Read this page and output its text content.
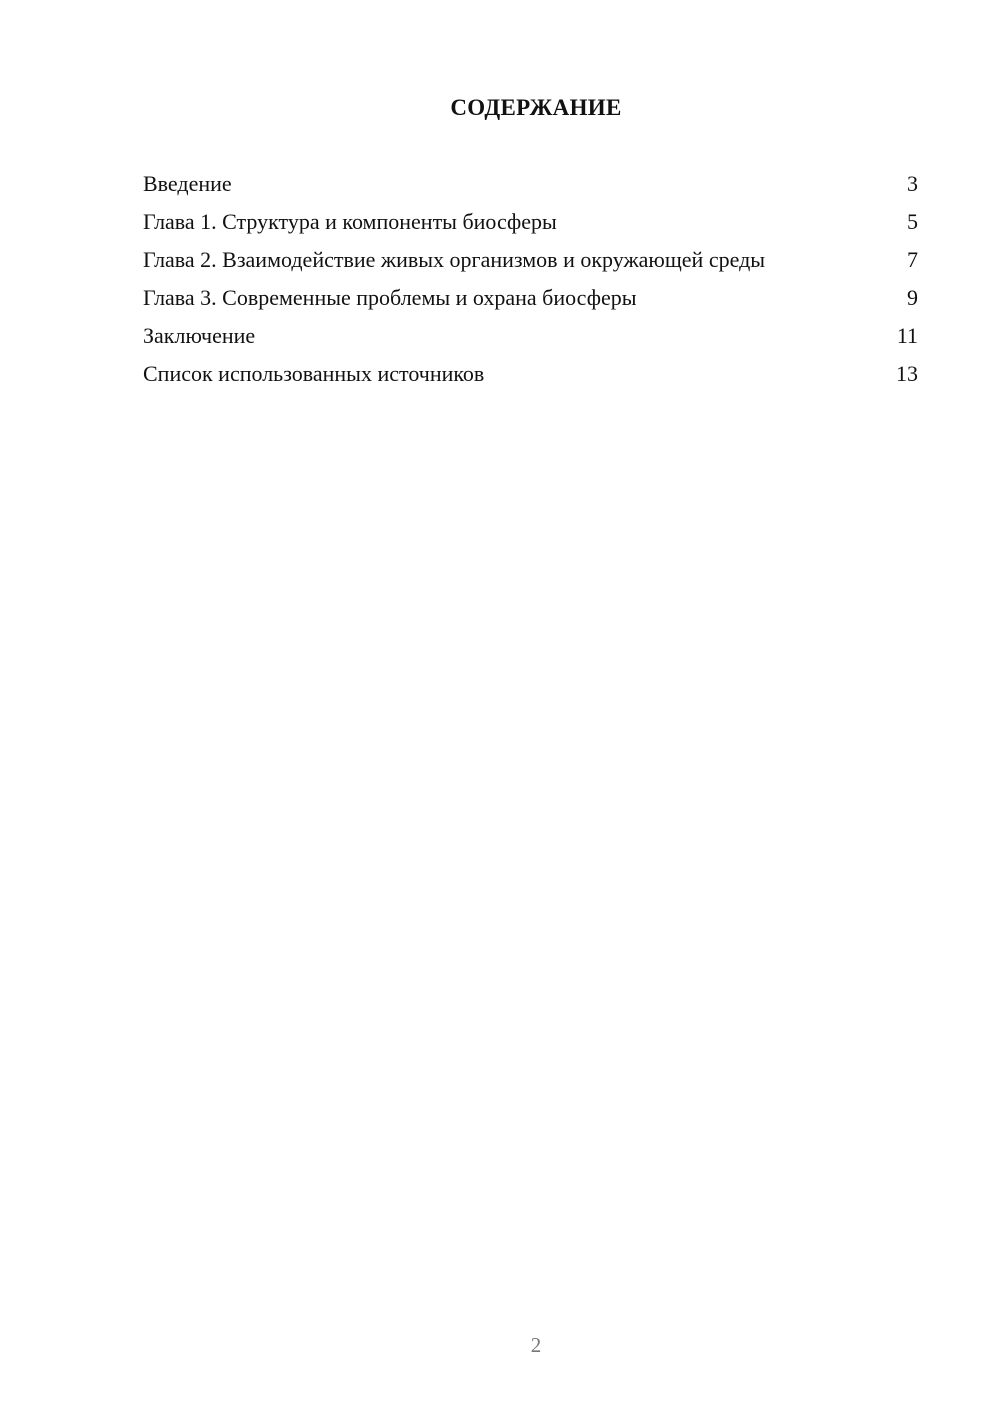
СОДЕРЖАНИЕ
Введение	3
Глава 1. Структура и компоненты биосферы	5
Глава 2. Взаимодействие живых организмов и окружающей среды	7
Глава 3. Современные проблемы и охрана биосферы	9
Заключение	11
Список использованных источников	13
2
